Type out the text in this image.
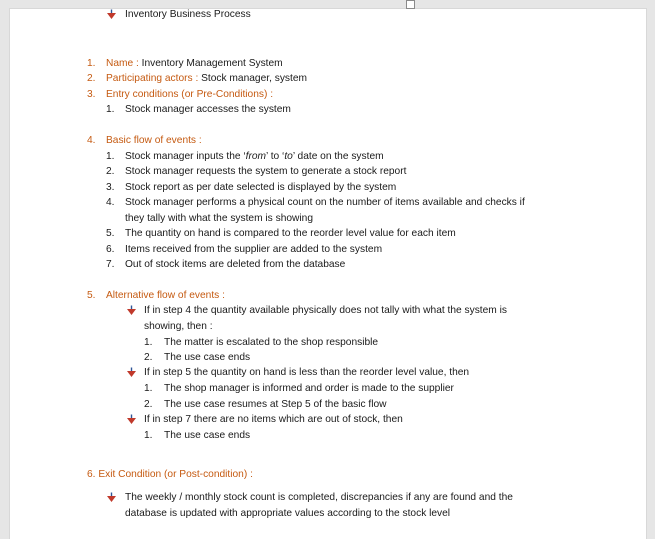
Inventory Business Process
1. Name : Inventory Management System
2. Participating actors : Stock manager, system
3. Entry conditions (or Pre-Conditions) :
1. Stock manager accesses the system
4. Basic flow of events :
1. Stock manager inputs the ‘from’ to ‘to’ date on the system
2. Stock manager requests the system to generate a stock report
3. Stock report as per date selected is displayed by the system
4. Stock manager performs a physical count on the number of items available and checks if
they tally with what the system is showing
5. The quantity on hand is compared to the reorder level value for each item
6. Items received from the supplier are added to the system
7. Out of stock items are deleted from the database
5. Alternative flow of events :
If in step 4 the quantity available physically does not tally with what the system is
showing, then :
1. The matter is escalated to the shop responsible
2. The use case ends
If in step 5 the quantity on hand is less than the reorder level value, then
1. The shop manager is informed and order is made to the supplier
2. The use case resumes at Step 5 of the basic flow
If in step 7 there are no items which are out of stock, then
1. The use case ends
6. Exit Condition (or Post-condition) :
The weekly / monthly stock count is completed, discrepancies if any are found and the
database is updated with appropriate values according to the stock level
